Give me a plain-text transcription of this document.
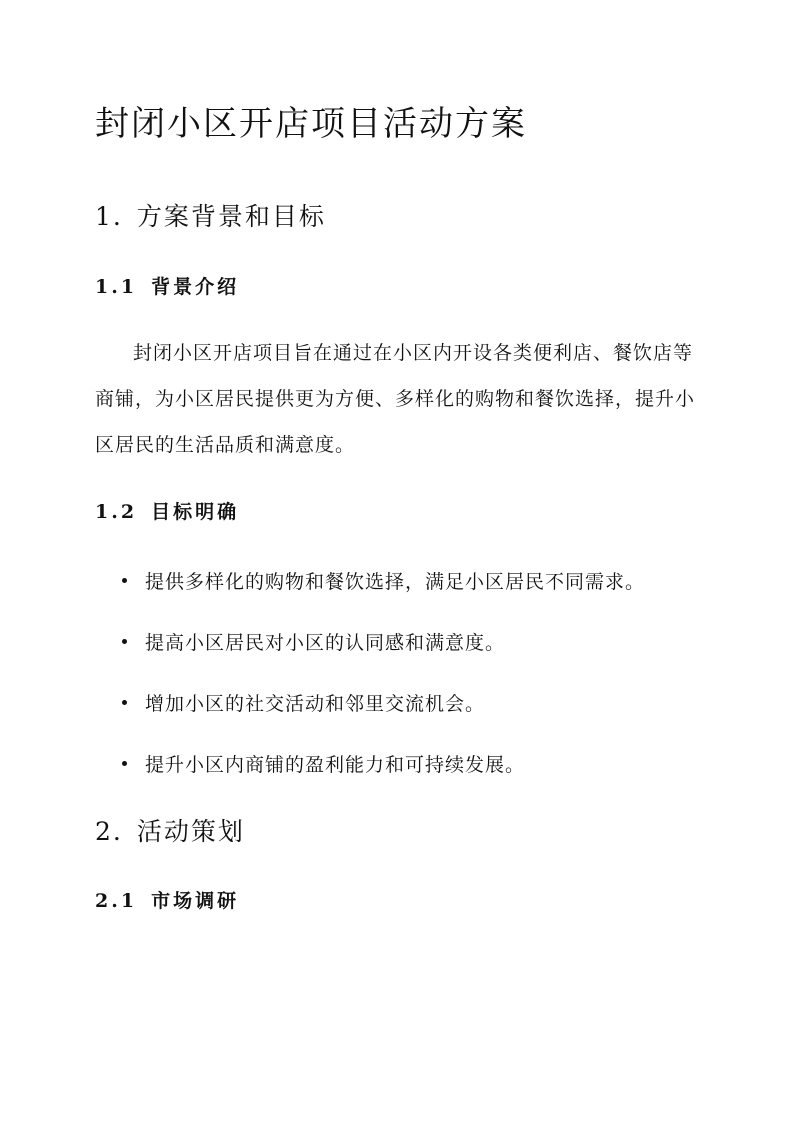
封闭小区开店项目活动方案
1. 方案背景和目标
1.1 背景介绍

封闭小区开店项目旨在通过在小区内开设各类便利店、餐饮店等商铺，为小区居民提供更为方便、多样化的购物和餐饮选择，提升小区居民的生活品质和满意度。

1.2 目标明确
提供多样化的购物和餐饮选择，满足小区居民不同需求。
提高小区居民对小区的认同感和满意度。
增加小区的社交活动和邻里交流机会。
提升小区内商铺的盈利能力和可持续发展。
2. 活动策划
2.1 市场调研
